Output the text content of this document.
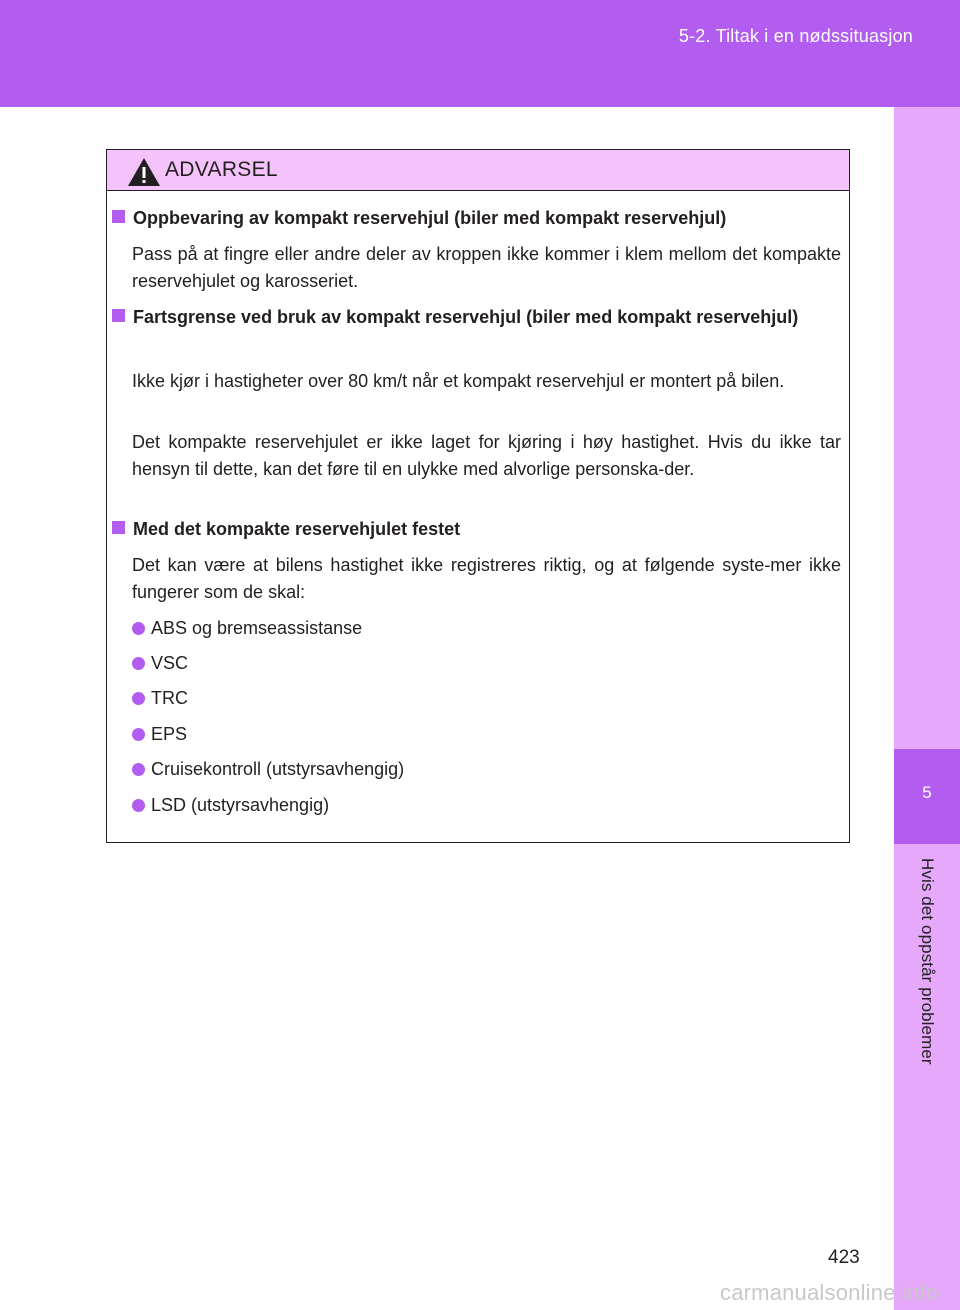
5-2. Tiltak i en nødssituasjon
5
Hvis det oppstår problemer
ADVARSEL
Oppbevaring av kompakt reservehjul (biler med kompakt reservehjul)
Pass på at fingre eller andre deler av kroppen ikke kommer i klem mellom det kompakte reservehjulet og karosseriet.
Fartsgrense ved bruk av kompakt reservehjul (biler med kompakt reservehjul)
Ikke kjør i hastigheter over 80 km/t når et kompakt reservehjul er montert på bilen.
Det kompakte reservehjulet er ikke laget for kjøring i høy hastighet. Hvis du ikke tar hensyn til dette, kan det føre til en ulykke med alvorlige personska-der.
Med det kompakte reservehjulet festet
Det kan være at bilens hastighet ikke registreres riktig, og at følgende syste-mer ikke fungerer som de skal:
ABS og bremseassistanse
VSC
TRC
EPS
Cruisekontroll (utstyrsavhengig)
LSD (utstyrsavhengig)
423
carmanualsonline.info
